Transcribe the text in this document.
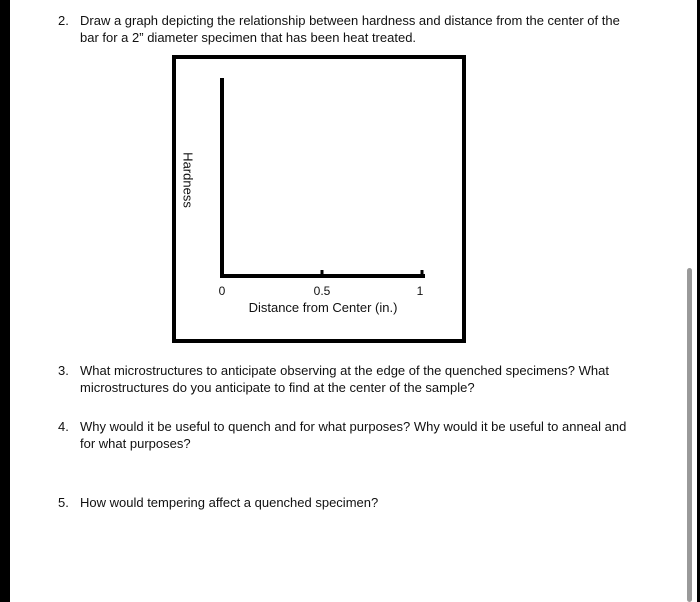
2. Draw a graph depicting the relationship between hardness and distance from the center of the bar for a 2” diameter specimen that has been heat treated.
Hardness
0	0.5	1
Distance from Center (in.)
3. What microstructures to anticipate observing at the edge of the quenched specimens? What microstructures do you anticipate to find at the center of the sample?
4. Why would it be useful to quench and for what purposes? Why would it be useful to anneal and for what purposes?
5. How would tempering affect a quenched specimen?
